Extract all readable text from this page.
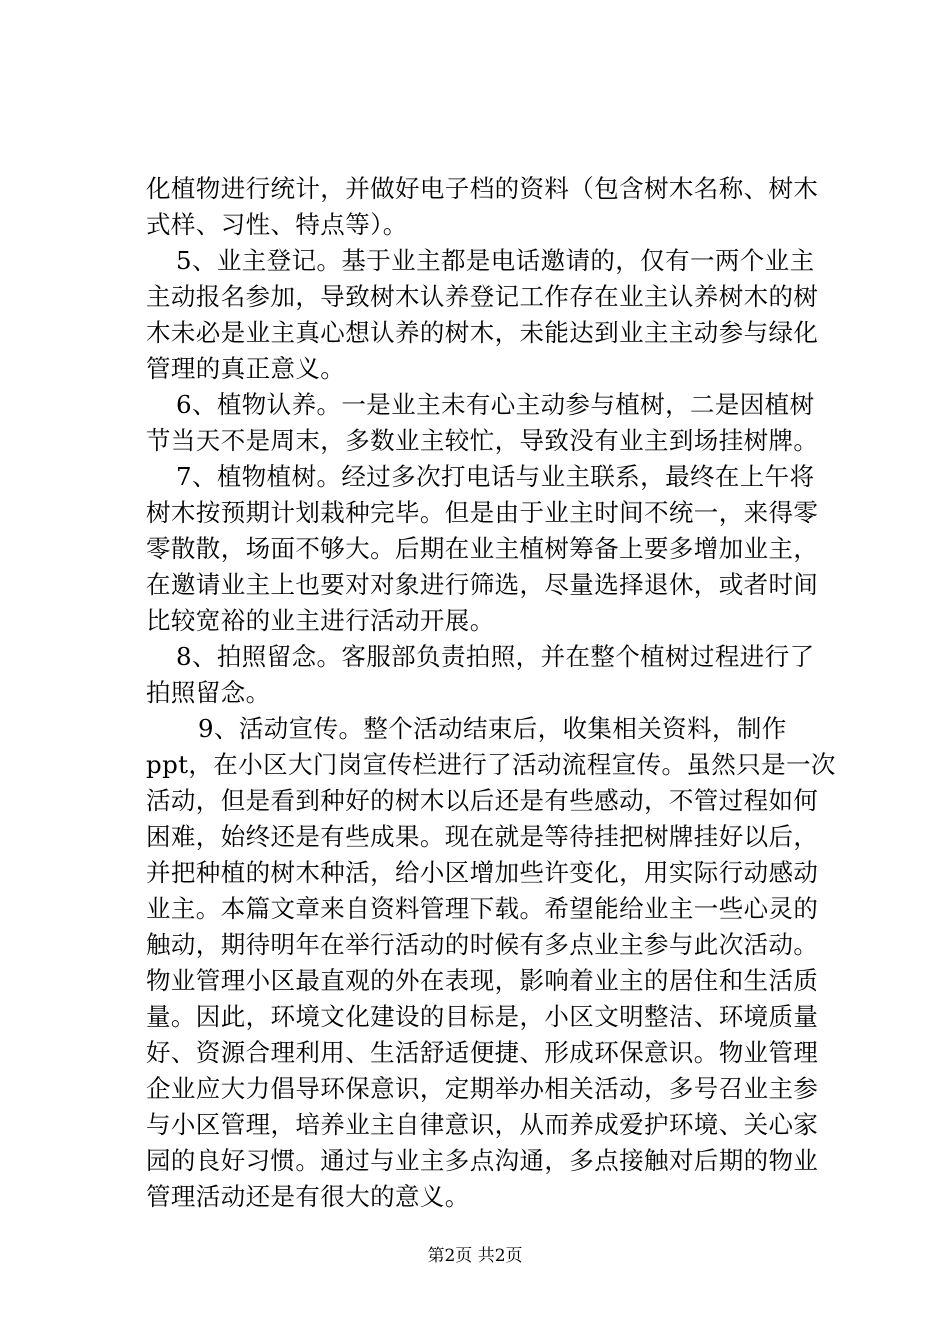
化植物进行统计，并做好电子档的资料（包含树木名称、树木
式样、习性、特点等）。
5、业主登记。基于业主都是电话邀请的，仅有一两个业主
主动报名参加，导致树木认养登记工作存在业主认养树木的树
木未必是业主真心想认养的树木，未能达到业主主动参与绿化
管理的真正意义。
6、植物认养。一是业主未有心主动参与植树，二是因植树
节当天不是周末，多数业主较忙，导致没有业主到场挂树牌。
7、植物植树。经过多次打电话与业主联系，最终在上午将
树木按预期计划栽种完毕。但是由于业主时间不统一，来得零
零散散，场面不够大。后期在业主植树筹备上要多增加业主，
在邀请业主上也要对对象进行筛选，尽量选择退休，或者时间
比较宽裕的业主进行活动开展。
8、拍照留念。客服部负责拍照，并在整个植树过程进行了
拍照留念。
9、活动宣传。整个活动结束后，收集相关资料，制作
ppt，在小区大门岗宣传栏进行了活动流程宣传。虽然只是一次
活动，但是看到种好的树木以后还是有些感动，不管过程如何
困难，始终还是有些成果。现在就是等待挂把树牌挂好以后，
并把种植的树木种活，给小区增加些许变化，用实际行动感动
业主。本篇文章来自资料管理下载。希望能给业主一些心灵的
触动，期待明年在举行活动的时候有多点业主参与此次活动。
物业管理小区最直观的外在表现，影响着业主的居住和生活质
量。因此，环境文化建设的目标是，小区文明整洁、环境质量
好、资源合理利用、生活舒适便捷、形成环保意识。物业管理
企业应大力倡导环保意识，定期举办相关活动，多号召业主参
与小区管理，培养业主自律意识，从而养成爱护环境、关心家
园的良好习惯。通过与业主多点沟通，多点接触对后期的物业
管理活动还是有很大的意义。
第2页 共2页
